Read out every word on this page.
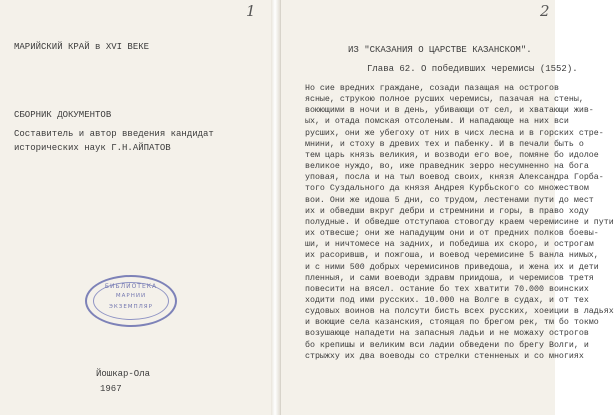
1
МАРИЙСКИЙ КРАЙ в XVI ВЕКЕ
СБОРНИК ДОКУМЕНТОВ
Составитель и автор введения кандидат
исторических наук Г.Н.АЙПАТОВ
БИБЛИОТЕКА
МАРНИИ
ЭКЗЕМПЛЯР
Йошкар-Ола
1967
2
ИЗ "СКАЗАНИЯ О ЦАРСТВЕ КАЗАНСКОМ".
Глава 62. О победивших черемисы (1552).
Но сие вредних граждане, созади пазащая на острогов
ясные, струкою полное русших черемисы, пазачая на стены,
воюющими в ночи и в день, убивающи от сел, и хватающи жив-
ых, и отада помская отсоленым. И нападающе на них вси
русших, они же убегоху от них в чисх лесна и в горских стре-
мнини, и стоху в древих тех и пабенку. И в печали быть о
тем царь князь великия, и возводи его вое, помяне бо идолое
великое нуждо, во, иже праведник зерро несумненно на бога
уповая, посла и на тыл воевод своих, князя Александра Горба-
того Суздального да князя Андрея Курбьского со множеством
вои. Они же идоша 5 дни, со трудом, лестенами пути до мест
их и обведши вкруг дебри и стремнини и горы, в право ходу
полудные. И обведше отступаюа стовогду краем черемисине и пути
их отвесше; они же нападущим они и от предних полков боевы-
ши, и ничтомесе на задних, и победиша их скоро, и острогам
их расорившв, и пожгоша, и воевод черемисине 5 ванла нимых,
и с ними 500 добрых черемисинов приведоша, и жена их и дети
пленныя, и сами воеводи здравм приидоша, и черемисов третя
повесити на вясел. остание бо тех хватити 70.000 воинских
ходити под ими русских. 10.000 на Волге в судах, и от тех
судовых воинов на полсути бисть всех русских, хоеиции в ладьях
и воющие села казанския, стоящая по брегом рек, тм бо токмо
возушающе нападети на запасныя ладьи и не можаху острогов
бо крепишы и великим вси ладии обведени по брегу Волги, и
стрыжху их два воеводы со стрелки стенненых и со многиях
